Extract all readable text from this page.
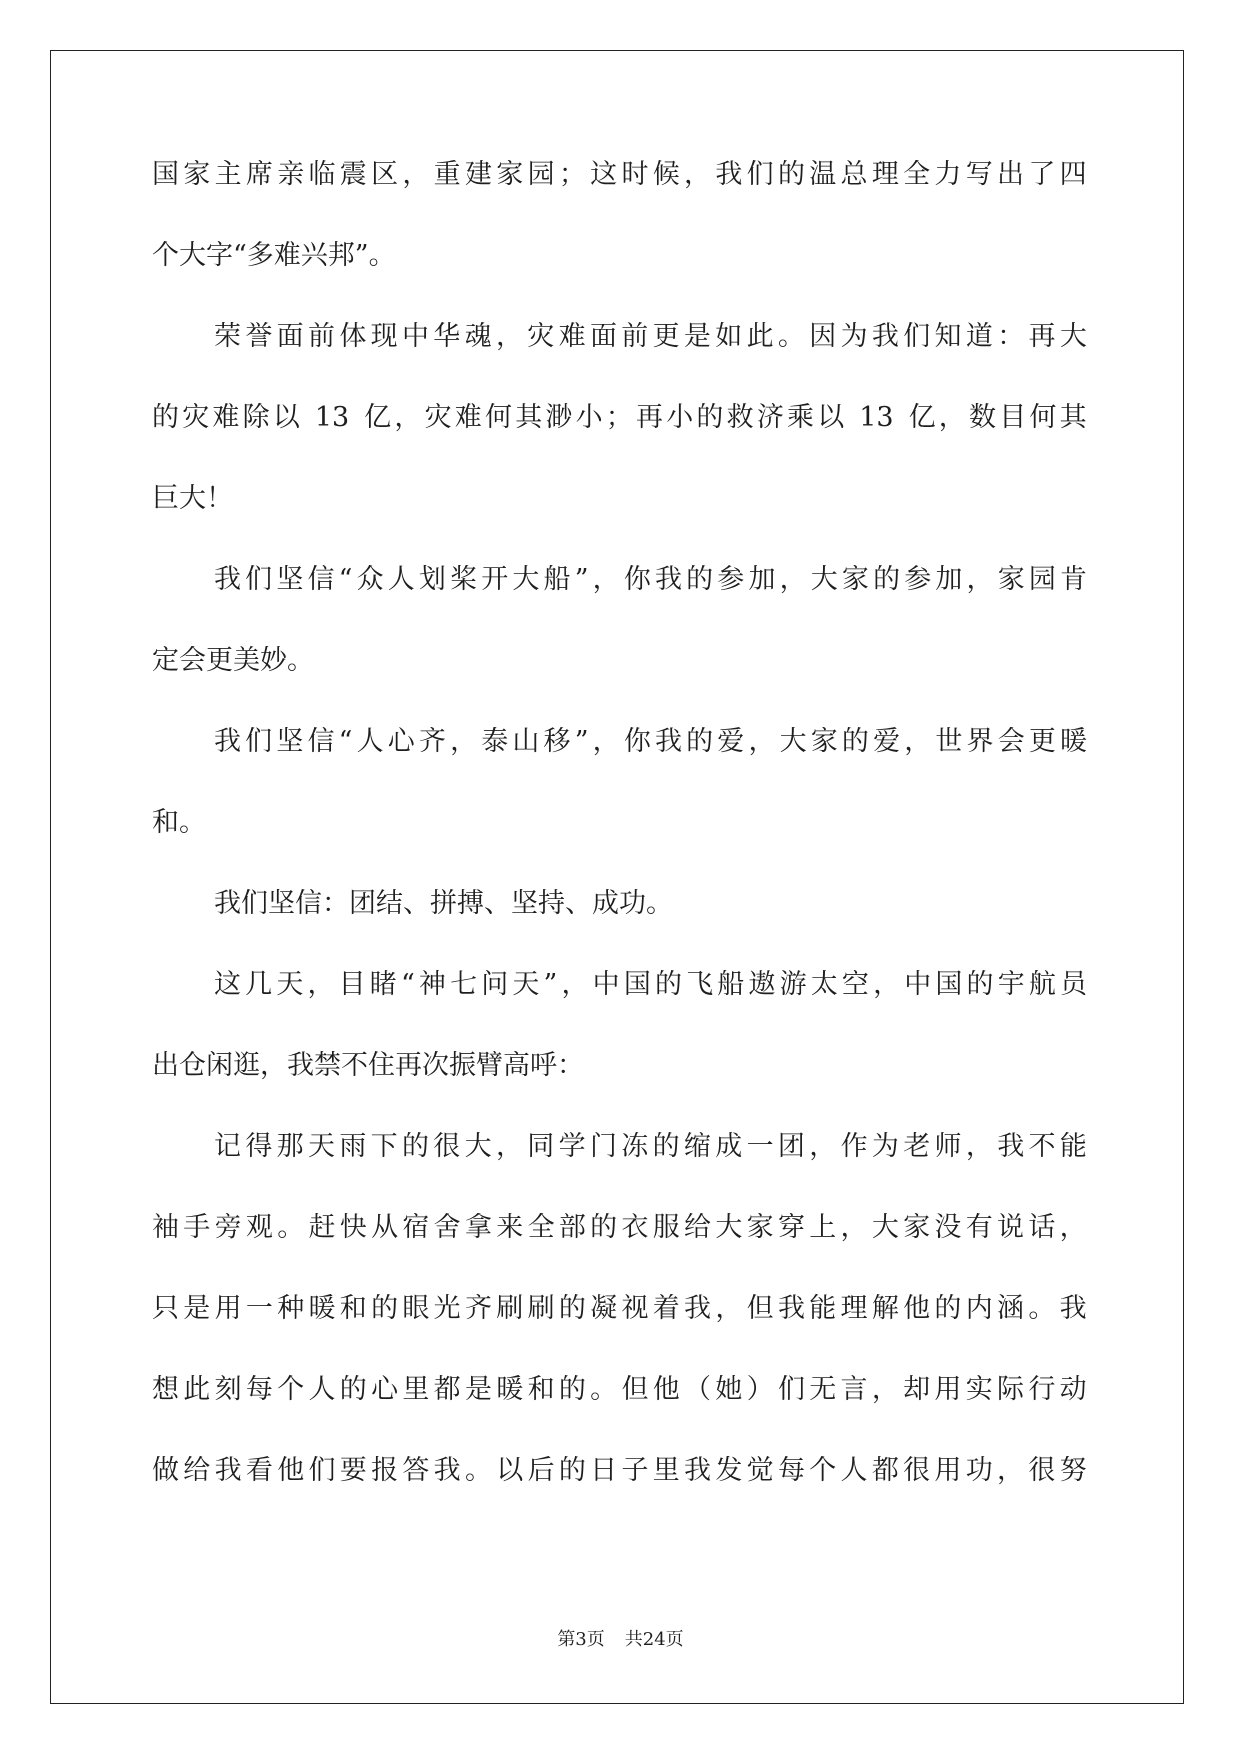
国 家 主 席 亲 临 震 区 ， 重 建 家 园 ； 这 时 候 ， 我 们 的 温 总 理 全 力 写 出 了 四
个大字“多难兴邦”。
荣 誉 面 前 体 现 中 华 魂 ， 灾 难 面 前 更 是 如 此 。 因 为 我 们 知 道 ： 再 大
的 灾 难 除 以
13
亿 ， 灾 难 何 其 渺 小 ； 再 小 的 救 济 乘 以
13
亿 ， 数 目 何 其
巨大！
我 们 坚 信 “ 众 人 划 桨 开 大 船 ” ， 你 我 的 参 加 ， 大 家 的 参 加 ， 家 园 肯
定会更美妙。
我 们 坚 信 “ 人 心 齐 ， 泰 山 移 ” ， 你 我 的 爱 ， 大 家 的 爱 ， 世 界 会 更 暖
和。
我们坚信：团结、拼搏、坚持、成功。
这 几 天 ， 目 睹 “ 神 七 问 天 ” ， 中 国 的 飞 船 遨 游 太 空 ， 中 国 的 宇 航 员
出仓闲逛，我禁不住再次振臂高呼：
记 得 那 天 雨 下 的 很 大 ， 同 学 门 冻 的 缩 成 一 团 ， 作 为 老 师 ， 我 不 能
袖 手 旁 观 。 赶 快 从 宿 舍 拿 来 全 部 的 衣 服 给 大 家 穿 上 ， 大 家 没 有 说 话 ，
只 是 用 一 种 暖 和 的 眼 光 齐 刷 刷 的 凝 视 着 我 ， 但 我 能 理 解 他 的 内 涵 。 我
想 此 刻 每 个 人 的 心 里 都 是 暖 和 的 。 但 他 （ 她 ） 们 无 言 ， 却 用 实 际 行 动
做 给 我 看 他 们 要 报 答 我 。 以 后 的 日 子 里 我 发 觉 每 个 人 都 很 用 功 ， 很 努
第3页 共24页
